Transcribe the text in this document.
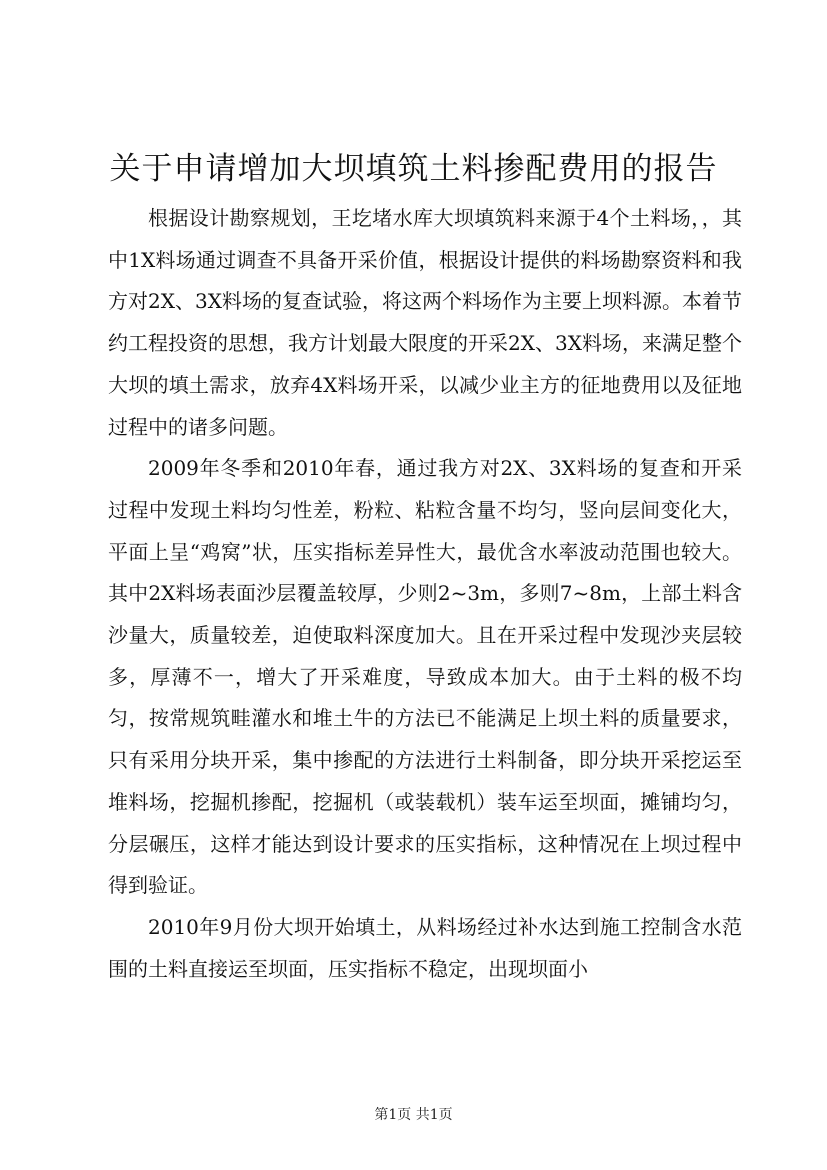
关于申请增加大坝填筑土料掺配费用的报告

根据设计勘察规划，王圪堵水库大坝填筑料来源于4个土料场，，其中1X料场通过调查不具备开采价值，根据设计提供的料场勘察资料和我方对2X、3X料场的复查试验，将这两个料场作为主要上坝料源。本着节约工程投资的思想，我方计划最大限度的开采2X、3X料场，来满足整个大坝的填土需求，放弃4X料场开采，以减少业主方的征地费用以及征地过程中的诸多问题。

2009年冬季和2010年春，通过我方对2X、3X料场的复查和开采过程中发现土料均匀性差，粉粒、粘粒含量不均匀，竖向层间变化大，平面上呈“鸡窝”状，压实指标差异性大，最优含水率波动范围也较大。其中2X料场表面沙层覆盖较厚，少则2~3m，多则7~8m，上部土料含沙量大，质量较差，迫使取料深度加大。且在开采过程中发现沙夹层较多，厚薄不一，增大了开采难度，导致成本加大。由于土料的极不均匀，按常规筑畦灌水和堆土牛的方法已不能满足上坝土料的质量要求，只有采用分块开采，集中掺配的方法进行土料制备，即分块开采挖运至堆料场，挖掘机掺配，挖掘机（或装载机）装车运至坝面，摊铺均匀，分层碾压，这样才能达到设计要求的压实指标，这种情况在上坝过程中得到验证。

2010年9月份大坝开始填土，从料场经过补水达到施工控制含水范围的土料直接运至坝面，压实指标不稳定，出现坝面小

第1页 共1页
